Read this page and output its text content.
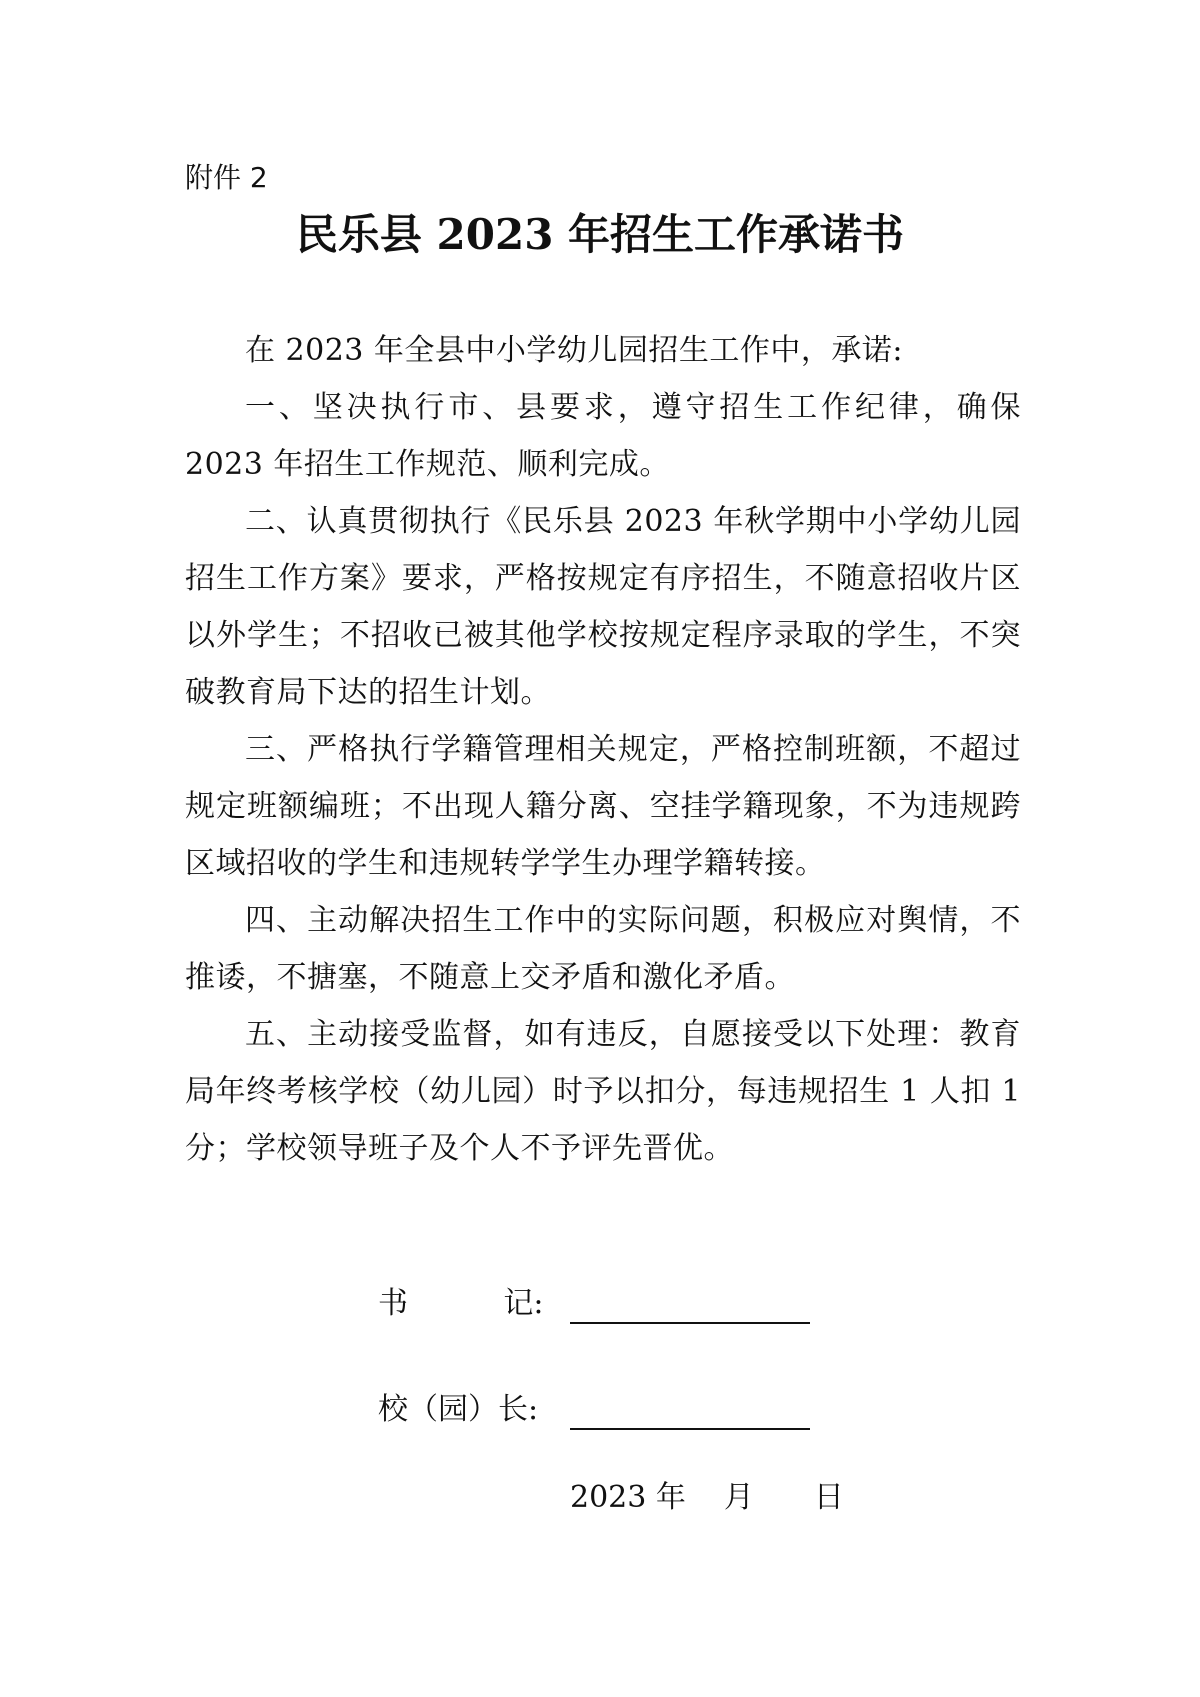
附件 2
民乐县 2023 年招生工作承诺书

在 2023 年全县中小学幼儿园招生工作中，承诺:

一、坚决执行市、县要求，遵守招生工作纪律，确保 2023 年招生工作规范、顺利完成。

二、认真贯彻执行《民乐县 2023 年秋学期中小学幼儿园招生工作方案》要求，严格按规定有序招生，不随意招收片区以外学生；不招收已被其他学校按规定程序录取的学生，不突破教育局下达的招生计划。

三、严格执行学籍管理相关规定，严格控制班额，不超过规定班额编班；不出现人籍分离、空挂学籍现象，不为违规跨区域招收的学生和违规转学学生办理学籍转接。

四、主动解决招生工作中的实际问题，积极应对舆情，不推诿，不搪塞，不随意上交矛盾和激化矛盾。

五、主动接受监督，如有违反，自愿接受以下处理：教育局年终考核学校（幼儿园）时予以扣分，每违规招生 1 人扣 1 分；学校领导班子及个人不予评先晋优。

书          记:
校（园）长:
2023 年 月 日
